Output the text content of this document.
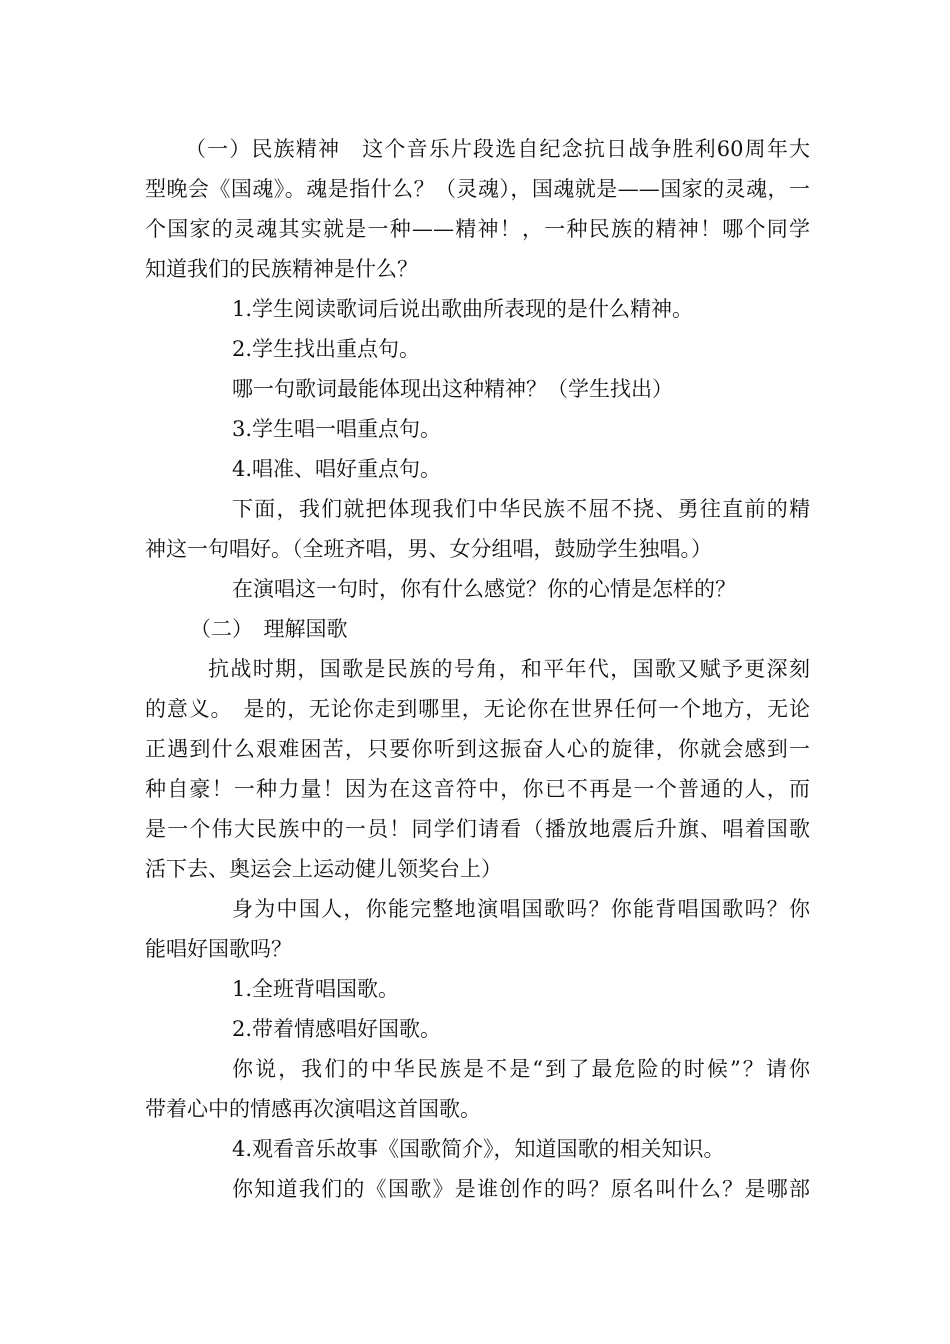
（一）民族精神　这个音乐片段选自纪念抗日战争胜利60周年大
型晚会《国魂》。魂是指什么？（灵魂），国魂就是——国家的灵魂，一
个国家的灵魂其实就是一种——精神！，一种民族的精神！哪个同学
知道我们的民族精神是什么？
1.学生阅读歌词后说出歌曲所表现的是什么精神。
2.学生找出重点句。
哪一句歌词最能体现出这种精神？（学生找出）
3.学生唱一唱重点句。
4.唱准、唱好重点句。
下面，我们就把体现我们中华民族不屈不挠、勇往直前的精
神这一句唱好。（全班齐唱，男、女分组唱，鼓励学生独唱。）
在演唱这一句时，你有什么感觉？你的心情是怎样的？
（二）　理解国歌
抗战时期，国歌是民族的号角，和平年代，国歌又赋予更深刻
的意义。　是的，无论你走到哪里，无论你在世界任何一个地方，无论
正遇到什么艰难困苦，只要你听到这振奋人心的旋律，你就会感到一
种自豪！一种力量！因为在这音符中，你已不再是一个普通的人，而
是一个伟大民族中的一员！同学们请看（播放地震后升旗、唱着国歌
活下去、奥运会上运动健儿领奖台上）
身为中国人，你能完整地演唱国歌吗？你能背唱国歌吗？你
能唱好国歌吗？
1.全班背唱国歌。
2.带着情感唱好国歌。
你说，我们的中华民族是不是“到了最危险的时候”？请你
带着心中的情感再次演唱这首国歌。
4.观看音乐故事《国歌简介》，知道国歌的相关知识。
你知道我们的《国歌》是谁创作的吗？原名叫什么？是哪部
